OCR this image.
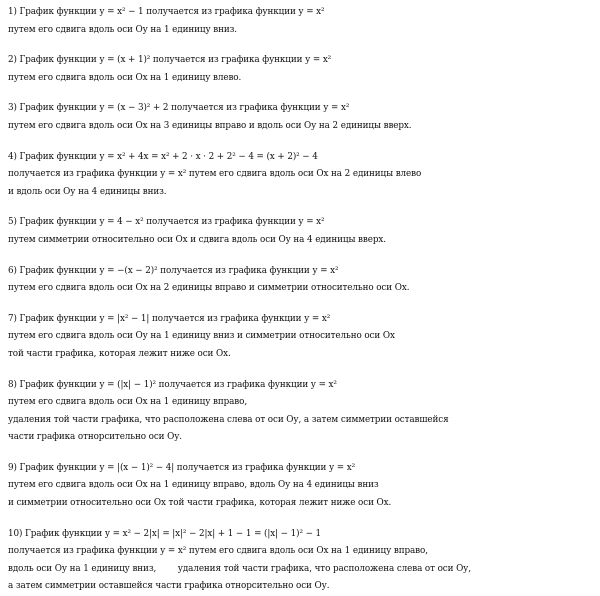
1) График функции у = х² − 1 получается из графика функции у = х²
путем его сдвига вдоль оси Оу на 1 единицу вниз.
2) График функции у = (х + 1)² получается из графика функции у = х²
путем его сдвига вдоль оси Ох на 1 единицу влево.
3) График функции у = (х − 3)² + 2 получается из графика функции у = х²
путем его сдвига вдоль оси Ох на 3 единицы вправо и вдоль оси Оу на 2 единицы вверх.
4) График функции у = х² + 4х = х² + 2 · х · 2 + 2² − 4 = (х + 2)² − 4
получается из графика функции у = х² путем его сдвига вдоль оси Ох на 2 единицы влево
и вдоль оси Оу на 4 единицы вниз.
5) График функции у = 4 − х² получается из графика функции у = х²
путем симметрии относительно оси Ох и сдвига вдоль оси Оу на 4 единицы вверх.
6) График функции у = −(х − 2)² получается из графика функции у = х²
путем его сдвига вдоль оси Ох на 2 единицы вправо и симметрии относительно оси Ох.
7) График функции у = |х² − 1| получается из графика функции у = х²
путем его сдвига вдоль оси Оу на 1 единицу вниз и симметрии относительно оси Ох
той части графика, которая лежит ниже оси Ох.
8) График функции у = (|х| − 1)² получается из графика функции у = х²
путем его сдвига вдоль оси Ох на 1 единицу вправо,
удаления той части графика, что расположена слева от оси Оу, а затем симметрии оставшейся
части графика отнорсительно оси Оу.
9) График функции у = |(х − 1)² − 4| получается из графика функции у = х²
путем его сдвига вдоль оси Ох на 1 единицу вправо, вдоль Оу на 4 единицы вниз
и симметрии относительно оси Ох той части графика, которая лежит ниже оси Ох.
10) График функции у = х² − 2|х| = |х|² − 2|х| + 1 − 1 = (|х| − 1)² − 1
получается из графика функции у = х² путем его сдвига вдоль оси Ох на 1 единицу вправо,
вдоль оси Оу на 1 единицу вниз,        удаления той части графика, что расположена слева от оси Оу,
а затем симметрии оставшейся части графика отнорсительно оси Оу.
